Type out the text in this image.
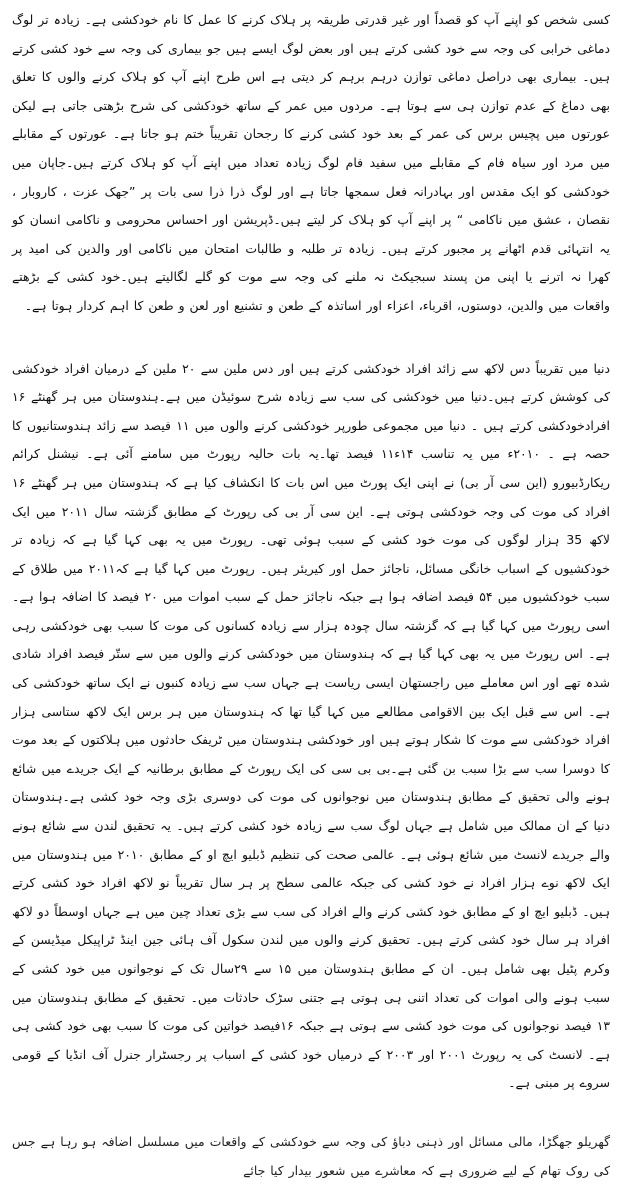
کسی شخص کو اپنے آپ کو قصداً اور غیر قدرتی طریقہ پر ہلاک کرنے کا عمل کا نام خودکشی ہے۔ زیادہ تر لوگ دماغی خرابی کی وجہ سے خود کشی کرتے ہیں اور بعض لوگ ایسے ہیں جو بیماری کی وجہ سے خود کشی کرتے ہیں۔ بیماری بھی دراصل دماغی توازن درہم برہم کر دیتی ہے اس طرح اپنے آپ کو ہلاک کرنے والوں کا تعلق بھی دماغ کے عدم توازن ہی سے ہوتا ہے۔ مردوں میں عمر کے ساتھ خودکشی کی شرح بڑھتی جاتی ہے لیکن عورتوں میں پچیس برس کی عمر کے بعد خود کشی کرنے کا رجحان تقریباً ختم ہو جاتا ہے۔ عورتوں کے مقابلے میں مرد اور سیاہ فام کے مقابلے میں سفید فام لوگ زیادہ تعداد میں اپنے آپ کو ہلاک کرتے ہیں۔جاپان میں خودکشی کو ایک مقدس اور بہادرانہ فعل سمجھا جاتا ہے اور لوگ ذرا ذرا سی بات پر ”جھک عزت ، کاروبار ، نقصان ، عشق میں ناکامی “ پر اپنے آپ کو ہلاک کر لیتے ہیں۔ڈپریشن اور احساس محرومی و ناکامی انسان کو یہ انتہائی قدم اٹھانے پر مجبور کرتے ہیں۔ زیادہ تر طلبہ و طالبات امتحان میں ناکامی اور والدین کی امید پر کھرا نہ اترنے یا اپنی من پسند سبجیکٹ نہ ملنے کی وجہ سے موت کو گلے لگالیتے ہیں۔خود کشی کے بڑھتے واقعات میں والدین، دوستوں، اقرباء، اعزاء اور اساتذہ کے طعن و تشنیع اور لعن و طعن کا اہم کردار ہوتا ہے۔

دنیا میں تقریباً دس لاکھ سے زائد افراد خودکشی کرتے ہیں اور دس ملین سے ۲۰ ملین کے درمیان افراد خودکشی کی کوشش کرتے ہیں۔دنیا میں خودکشی کی سب سے زیادہ شرح سوئیڈن میں ہے۔ہندوستان میں ہر گھنٹے ۱۶ افرادخودکشی کرتے ہیں ۔ دنیا میں مجموعی طورپر خودکشی کرنے والوں میں ۱۱ فیصد سے زائد ہندوستانیوں کا حصہ ہے ۔ ۲۰۱۰ء میں یہ تناسب ۱۴ء۱۱ فیصد تھا۔یہ بات حالیہ رپورٹ میں سامنے آئی ہے۔ نیشنل کرائم ریکارڈبیورو (این سی آر بی) نے اپنی ایک پورٹ میں اس بات کا انکشاف کیا ہے کہ ہندوستان میں ہر گھنٹے ۱۶ افراد کی موت کی وجہ خودکشی ہوتی ہے۔ این سی آر بی کی رپورٹ کے مطابق گزشتہ سال ۲۰۱۱ میں ایک لاکھ 35 ہزار لوگوں کی موت خود کشی کے سبب ہوئی تھی۔ رپورٹ میں یہ بھی کہا گیا ہے کہ زیادہ تر خودکشیوں کے اسباب خانگی مسائل، ناجائز حمل اور کیریئر ہیں۔ رپورٹ میں کہا گیا ہے کہ۲۰۱۱ میں طلاق کے سبب خودکشیوں میں ۵۴ فیصد اضافہ ہوا ہے جبکہ ناجائز حمل کے سبب اموات میں ۲۰ فیصد کا اضافہ ہوا ہے۔ اسی رپورٹ میں کہا گیا ہے کہ گزشتہ سال چودہ ہزار سے زیادہ کسانوں کی موت کا سبب بھی خودکشی رہی ہے۔ اس رپورٹ میں یہ بھی کہا گیا ہے کہ ہندوستان میں خودکشی کرنے والوں میں سے ستّر فیصد افراد شادی شدہ تھے اور اس معاملے میں راجستھان ایسی ریاست ہے جہاں سب سے زیادہ کنبوں نے ایک ساتھ خودکشی کی ہے۔ اس سے قبل ایک بین الاقوامی مطالعے میں کہا گیا تھا کہ ہندوستان میں ہر برس ایک لاکھ ستاسی ہزار افراد خودکشی سے موت کا شکار ہوتے ہیں اور خودکشی ہندوستان میں ٹریفک حادثوں میں ہلاکتوں کے بعد موت کا دوسرا سب سے بڑا سبب بن گئی ہے۔بی بی سی کی ایک رپورٹ کے مطابق برطانیہ کے ایک جریدے میں شائع ہونے والی تحقیق کے مطابق ہندوستان میں نوجوانوں کی موت کی دوسری بڑی وجہ خود کشی ہے۔ہندوستان دنیا کے ان ممالک میں شامل ہے جہاں لوگ سب سے زیادہ خود کشی کرتے ہیں۔ یہ تحقیق لندن سے شائع ہونے والے جریدے لانسٹ میں شائع ہوئی ہے۔ عالمی صحت کی تنظیم ڈبلیو ایچ او کے مطابق ۲۰۱۰ میں ہندوستان میں ایک لاکھ نوے ہزار افراد نے خود کشی کی جبکہ عالمی سطح پر ہر سال تقریباً نو لاکھ افراد خود کشی کرتے ہیں۔ ڈبلیو ایچ او کے مطابق خود کشی کرنے والے افراد کی سب سے بڑی تعداد چین میں ہے جہاں اوسطاً دو لاکھ افراد ہر سال خود کشی کرتے ہیں۔ تحقیق کرنے والوں میں لندن سکول آف ہائی جین اینڈ ٹراپیکل میڈیسن کے وکرم پٹیل بھی شامل ہیں۔ ان کے مطابق ہندوستان میں ۱۵ سے ۲۹سال تک کے نوجوانوں میں خود کشی کے سبب ہونے والی اموات کی تعداد اتنی ہی ہوتی ہے جتنی سڑک حادثات میں۔ تحقیق کے مطابق ہندوستان میں ۱۳ فیصد نوجوانوں کی موت خود کشی سے ہوتی ہے جبکہ ۱۶فیصد خواتین کی موت کا سبب بھی خود کشی ہی ہے۔ لانسٹ کی یہ رپورٹ ۲۰۰۱ اور ۲۰۰۳ کے درمیاں خود کشی کے اسباب پر رجسٹرار جنرل آف انڈیا کے قومی سروے پر مبنی ہے۔

گھریلو جھگڑا، مالی مسائل اور ذہنی دباؤ کی وجہ سے خودکشی کے واقعات میں مسلسل اضافہ ہو رہا ہے جس کی روک تھام کے لیے ضروری ہے کہ معاشرے میں شعور بیدار کیا جائے
